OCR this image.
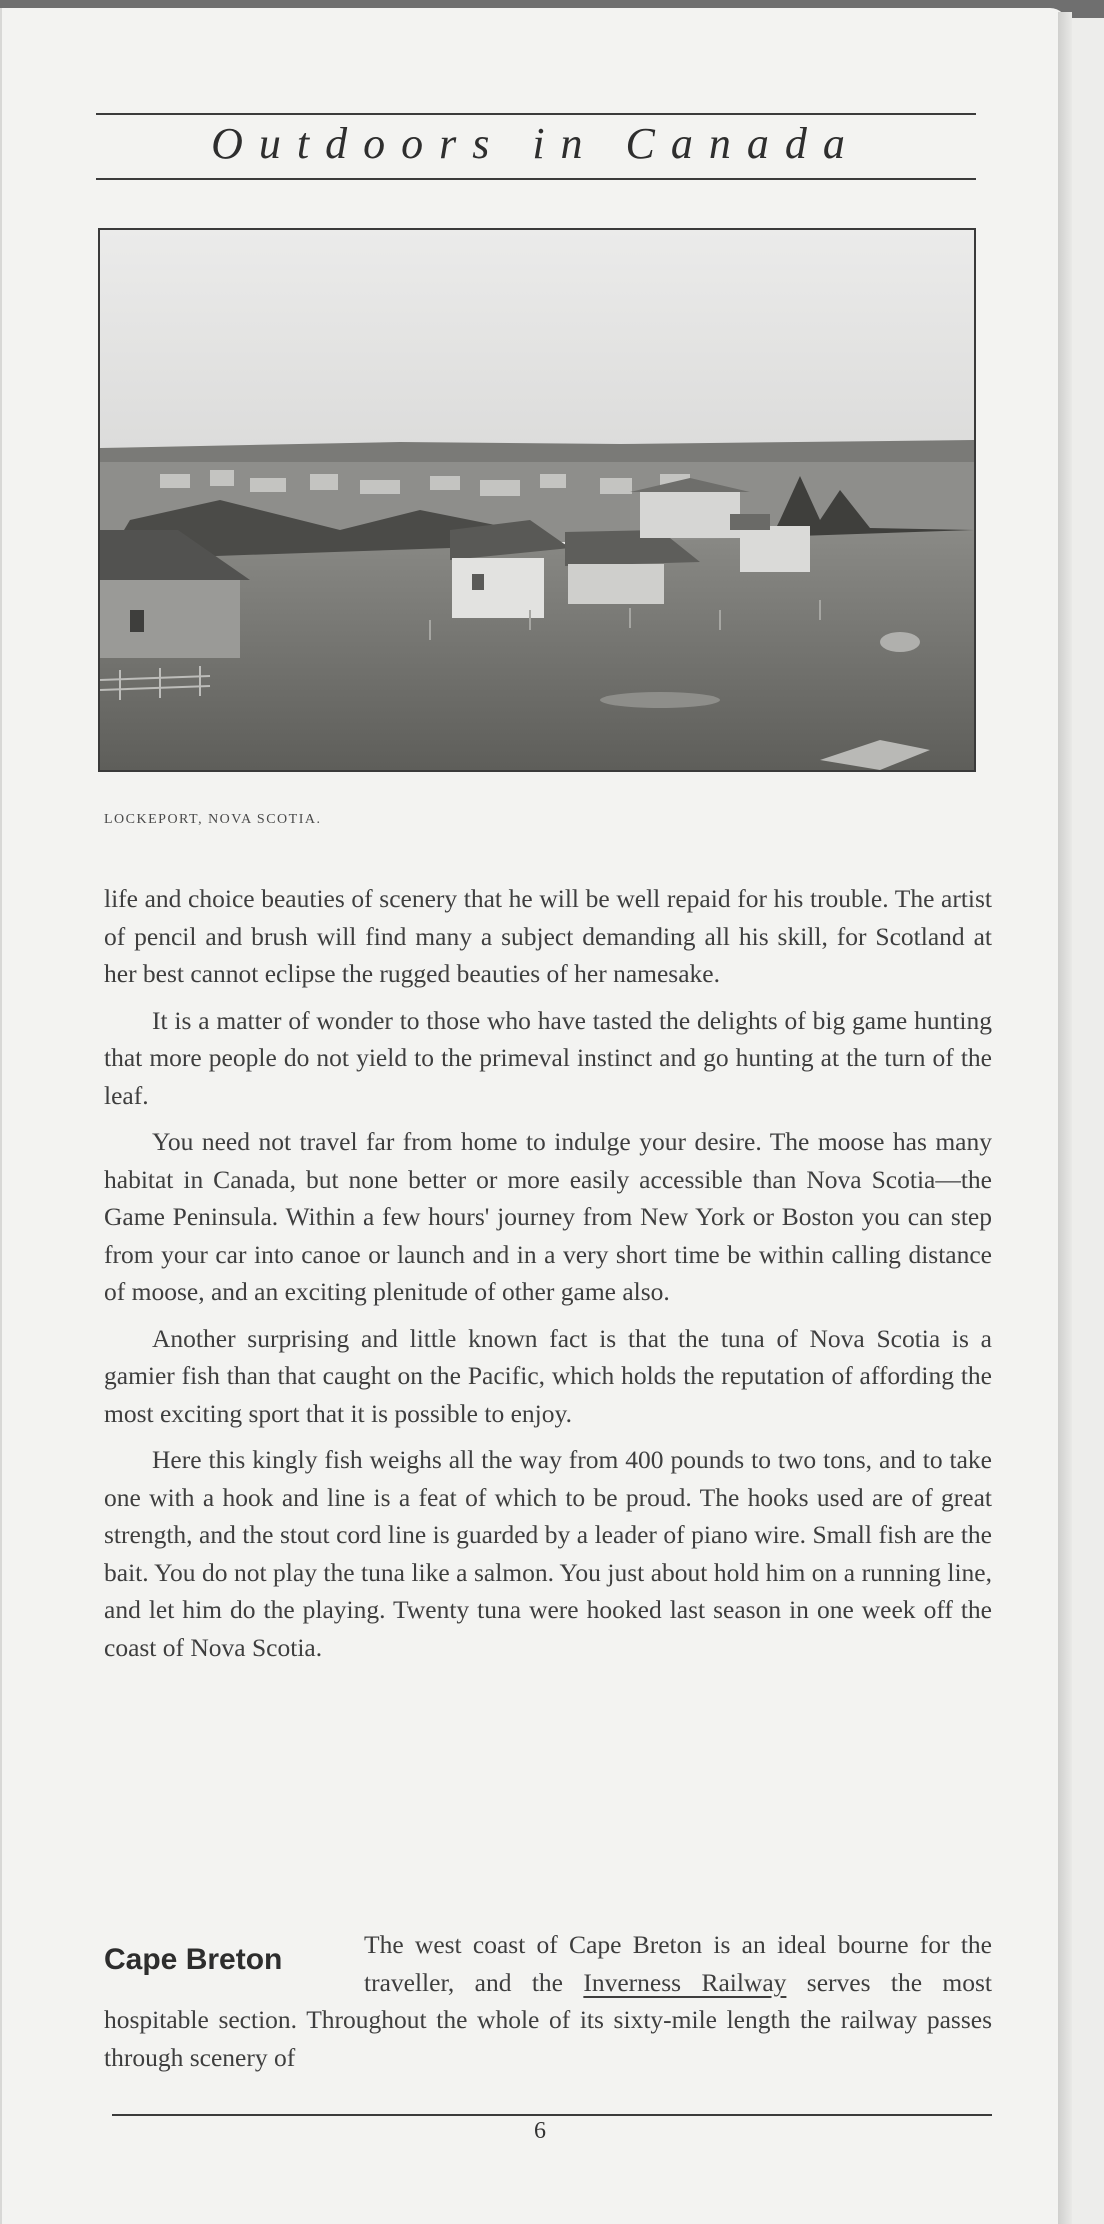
Outdoors in Canada
LOCKEPORT, NOVA SCOTIA.

life and choice beauties of scenery that he will be well repaid for his trouble. The artist of pencil and brush will find many a subject demanding all his skill, for Scotland at her best cannot eclipse the rugged beauties of her namesake.

It is a matter of wonder to those who have tasted the delights of big game hunting that more people do not yield to the primeval instinct and go hunting at the turn of the leaf.

You need not travel far from home to indulge your desire. The moose has many habitat in Canada, but none better or more easily accessible than Nova Scotia—the Game Peninsula. Within a few hours' journey from New York or Boston you can step from your car into canoe or launch and in a very short time be within calling distance of moose, and an exciting plenitude of other game also.

Another surprising and little known fact is that the tuna of Nova Scotia is a gamier fish than that caught on the Pacific, which holds the reputation of affording the most exciting sport that it is possible to enjoy.

Here this kingly fish weighs all the way from 400 pounds to two tons, and to take one with a hook and line is a feat of which to be proud. The hooks used are of great strength, and the stout cord line is guarded by a leader of piano wire. Small fish are the bait. You do not play the tuna like a salmon. You just about hold him on a running line, and let him do the playing. Twenty tuna were hooked last season in one week off the coast of Nova Scotia.

Cape Breton	The west coast of Cape Breton is an ideal bourne for the traveller, and the Inverness Railway serves the most hospitable section. Throughout the whole of its sixty-mile length the railway passes through scenery of
6
